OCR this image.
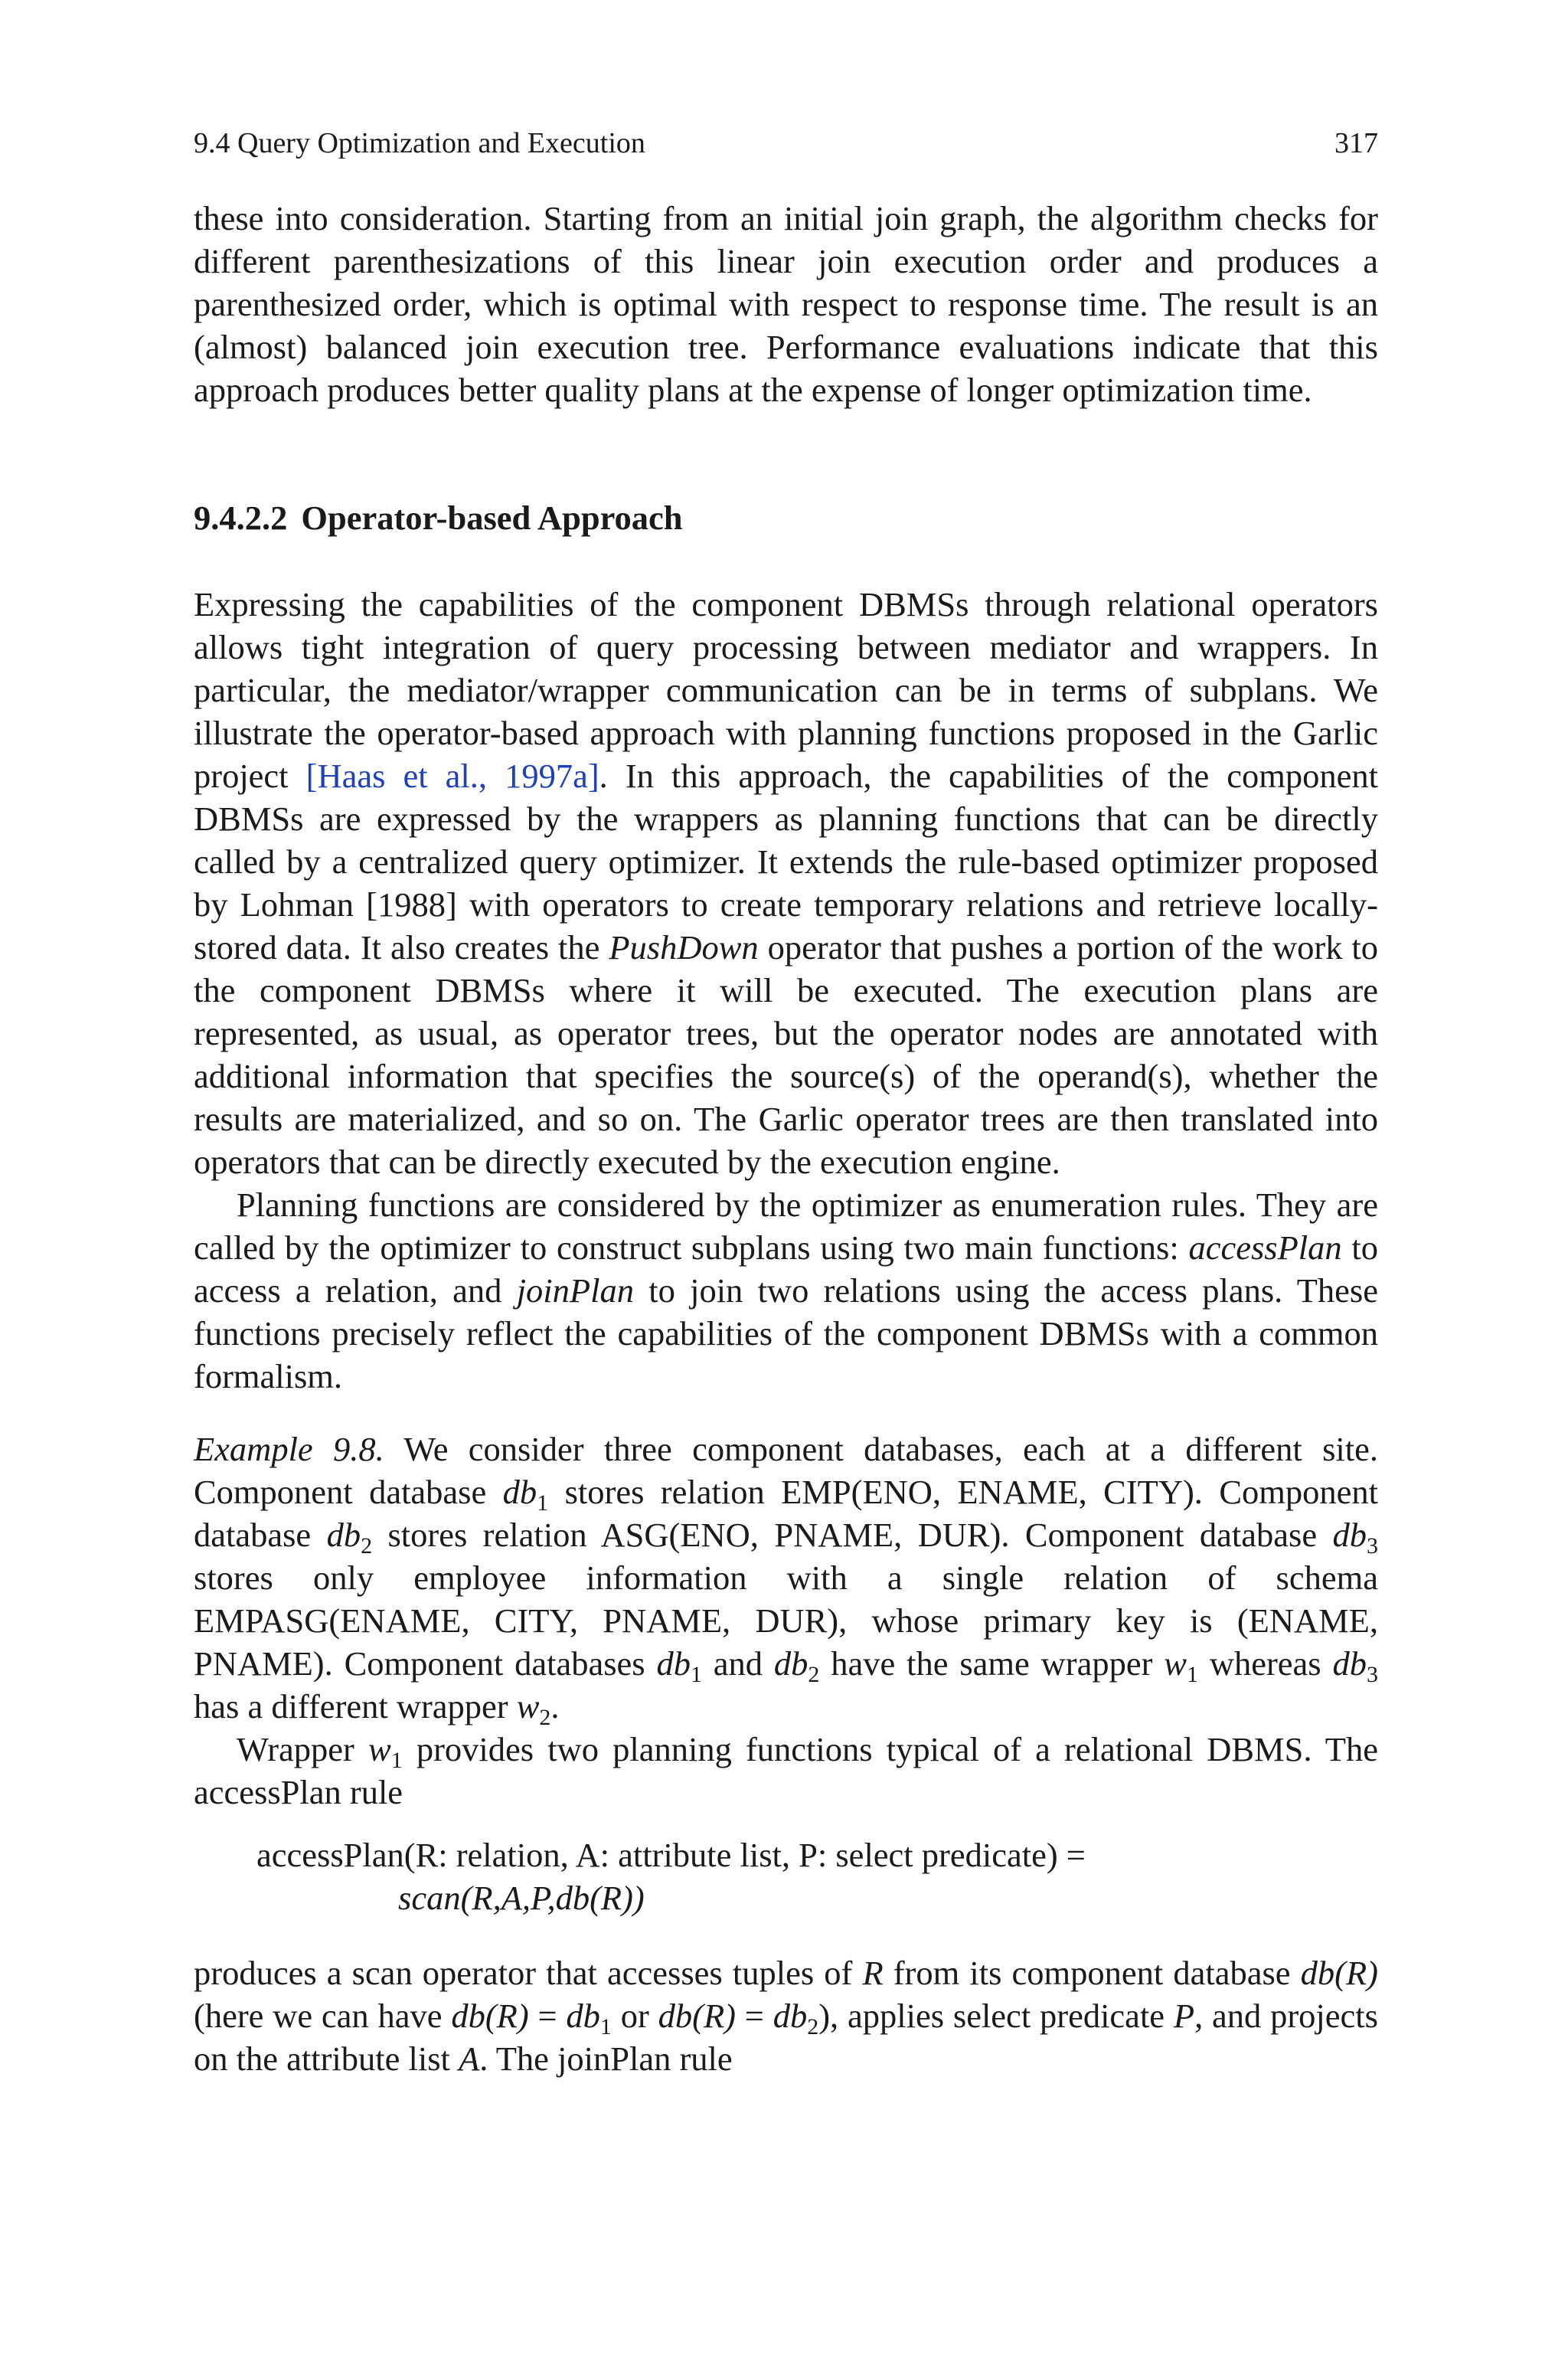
9.4 Query Optimization and Execution	317

these into consideration. Starting from an initial join graph, the algorithm checks for different parenthesizations of this linear join execution order and produces a parenthesized order, which is optimal with respect to response time. The result is an (almost) balanced join execution tree. Performance evaluations indicate that this approach produces better quality plans at the expense of longer optimization time.

9.4.2.2 Operator-based Approach

Expressing the capabilities of the component DBMSs through relational operators allows tight integration of query processing between mediator and wrappers. In particular, the mediator/wrapper communication can be in terms of subplans. We illustrate the operator-based approach with planning functions proposed in the Garlic project [Haas et al., 1997a]. In this approach, the capabilities of the component DBMSs are expressed by the wrappers as planning functions that can be directly called by a centralized query optimizer. It extends the rule-based optimizer proposed by Lohman [1988] with operators to create temporary relations and retrieve locally-stored data. It also creates the PushDown operator that pushes a portion of the work to the component DBMSs where it will be executed. The execution plans are represented, as usual, as operator trees, but the operator nodes are annotated with additional information that specifies the source(s) of the operand(s), whether the results are materialized, and so on. The Garlic operator trees are then translated into operators that can be directly executed by the execution engine.

Planning functions are considered by the optimizer as enumeration rules. They are called by the optimizer to construct subplans using two main functions: accessPlan to access a relation, and joinPlan to join two relations using the access plans. These functions precisely reflect the capabilities of the component DBMSs with a common formalism.

Example 9.8. We consider three component databases, each at a different site. Component database $db_1$ stores relation EMP(ENO, ENAME, CITY). Component database $db_2$ stores relation ASG(ENO, PNAME, DUR). Component database $db_3$ stores only employee information with a single relation of schema EMPASG(ENAME, CITY, PNAME, DUR), whose primary key is (ENAME, PNAME). Component databases $db_1$ and $db_2$ have the same wrapper $w_1$ whereas $db_3$ has a different wrapper $w_2$.

Wrapper $w_1$ provides two planning functions typical of a relational DBMS. The accessPlan rule

accessPlan(R: relation, A: attribute list, P: select predicate) =
scan(R,A,P,db(R))

produces a scan operator that accesses tuples of R from its component database db(R) (here we can have $db(R) = db_1$ or $db(R) = db_2$), applies select predicate P, and projects on the attribute list A. The joinPlan rule
